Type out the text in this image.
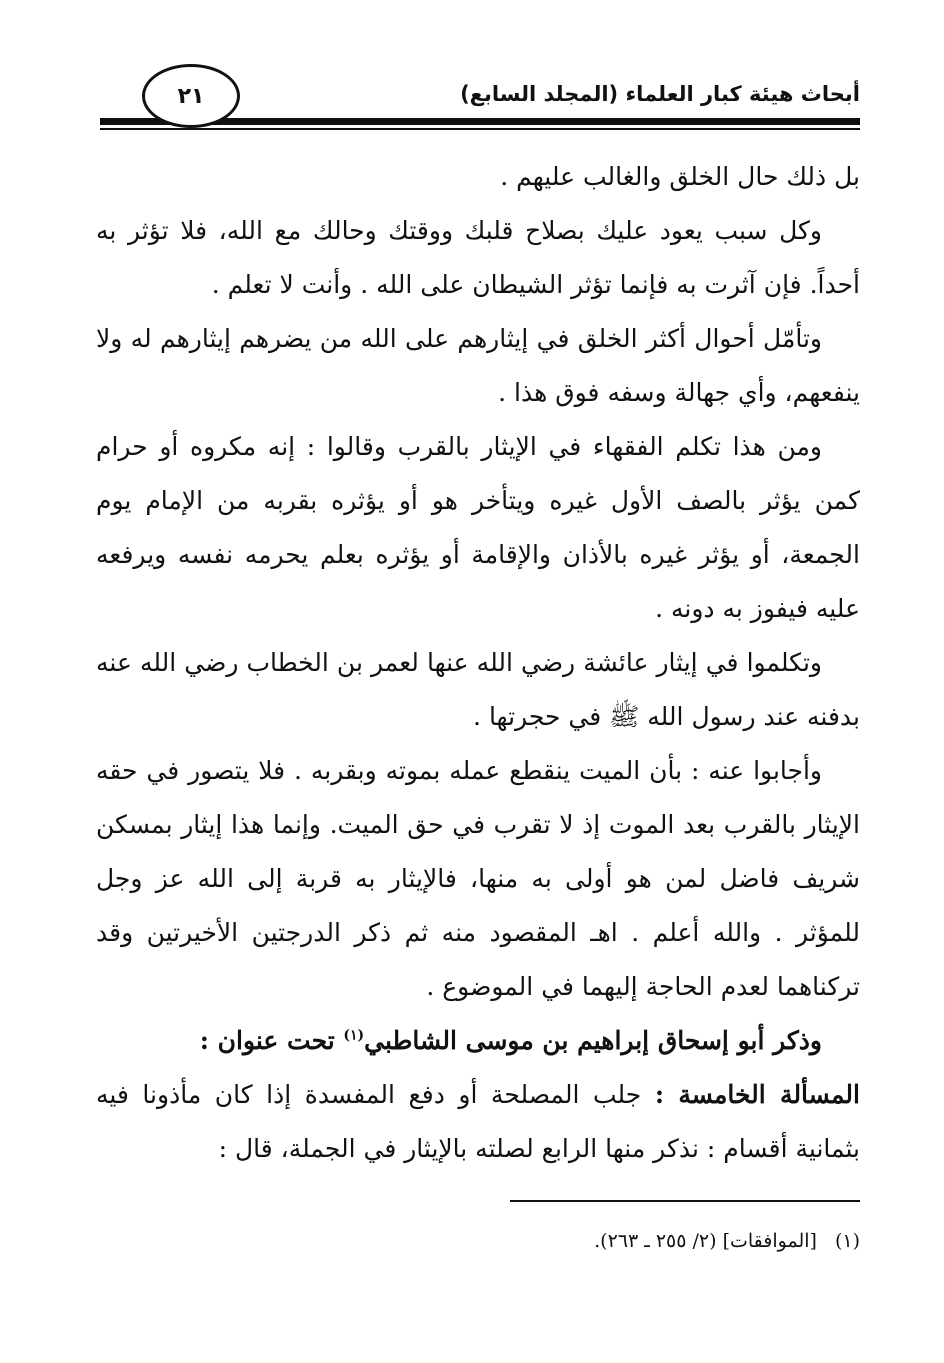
٢١	أبحاث هيئة كبار العلماء (المجلد السابع)

بل ذلك حال الخلق والغالب عليهم .

وكل سبب يعود عليك بصلاح قلبك ووقتك وحالك مع الله، فلا تؤثر به أحداً. فإن آثرت به فإنما تؤثر الشيطان على الله . وأنت لا تعلم .

وتأمّل أحوال أكثر الخلق في إيثارهم على الله من يضرهم إيثارهم له ولا ينفعهم، وأي جهالة وسفه فوق هذا .

ومن هذا تكلم الفقهاء في الإيثار بالقرب وقالوا : إنه مكروه أو حرام كمن يؤثر بالصف الأول غيره ويتأخر هو أو يؤثره بقربه من الإمام يوم الجمعة، أو يؤثر غيره بالأذان والإقامة أو يؤثره بعلم يحرمه نفسه ويرفعه عليه فيفوز به دونه .

وتكلموا في إيثار عائشة رضي الله عنها لعمر بن الخطاب رضي الله عنه بدفنه عند رسول الله ﷺ في حجرتها .

وأجابوا عنه : بأن الميت ينقطع عمله بموته وبقربه . فلا يتصور في حقه الإيثار بالقرب بعد الموت إذ لا تقرب في حق الميت. وإنما هذا إيثار بمسكن شريف فاضل لمن هو أولى به منها، فالإيثار به قربة إلى الله عز وجل للمؤثر . والله أعلم . اهـ المقصود منه ثم ذكر الدرجتين الأخيرتين وقد تركناهما لعدم الحاجة إليهما في الموضوع .

وذكر أبو إسحاق إبراهيم بن موسى الشاطبي$^{(١)}$ تحت عنوان :

المسألة الخامسة : جلب المصلحة أو دفع المفسدة إذا كان مأذونا فيه بثمانية أقسام : نذكر منها الرابع لصلته بالإيثار في الجملة، قال :

(١)[الموافقات] (٢/ ٢٥٥ ـ ٢٦٣).
